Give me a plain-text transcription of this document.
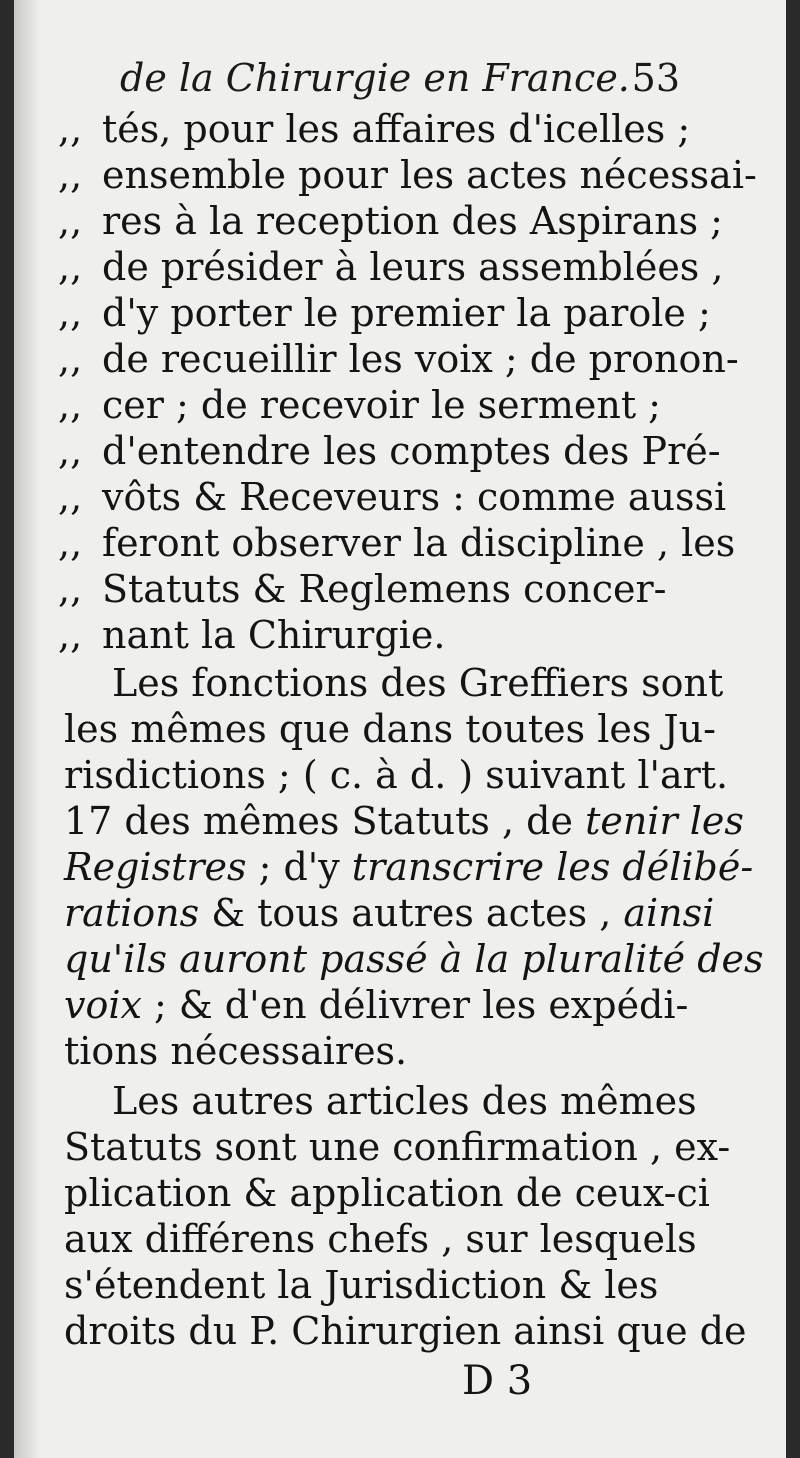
de la Chirurgie en France. 53
,, tés, pour les affaires d'icelles ;
,, ensemble pour les actes nécessai-
,, res à la reception des Aspirans ;
,, de présider à leurs assemblées ,
,, d'y porter le premier la parole ;
,, de recueillir les voix ; de pronon-
,, cer ; de recevoir le serment ;
,, d'entendre les comptes des Pré-
,, vôts & Receveurs : comme aussi
,, feront observer la discipline , les
,, Statuts & Reglemens concer-
,, nant la Chirurgie.
Les fonctions des Greffiers sont
les mêmes que dans toutes les Ju-
risdictions ; ( c. à d. ) suivant l'art.
17 des mêmes Statuts , de tenir les
Registres ; d'y transcrire les délibé-
rations & tous autres actes , ainsi
qu'ils auront passé à la pluralité des
voix ; & d'en délivrer les expédi-
tions nécessaires.
Les autres articles des mêmes
Statuts sont une confirmation , ex-
plication & application de ceux-ci
aux différens chefs , sur lesquels
s'étendent la Jurisdiction & les
droits du P. Chirurgien ainsi que de
D 3
